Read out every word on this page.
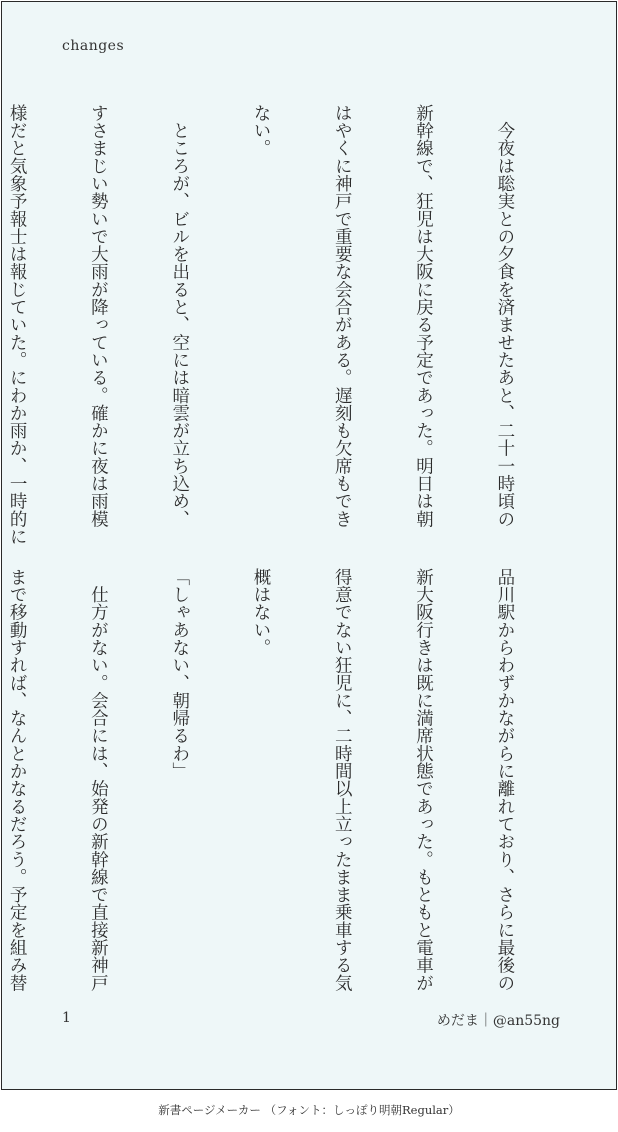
changes

　今夜は聡実との夕食を済ませたあと、二十一時頃の

新幹線で、狂児は大阪に戻る予定であった。明日は朝

はやくに神戸で重要な会合がある。遅刻も欠席もでき

ない。

　ところが、ビルを出ると、空には暗雲が立ち込め、

すさまじい勢いで大雨が降っている。確かに夜は雨模

様だと気象予報士は報じていた。にわか雨か、一時的に

品川駅からわずかながらに離れており、さらに最後の

新大阪行きは既に満席状態であった。もともと電車が

得意でない狂児に、二時間以上立ったまま乗車する気

概はない。

「しゃあない、朝帰るわ」

　仕方がない。会合には、始発の新幹線で直接新神戸

まで移動すれば、なんとかなるだろう。予定を組み替

1	めだま｜@an55ng
新書ページメーカー （フォント：しっぽり明朝Regular）
